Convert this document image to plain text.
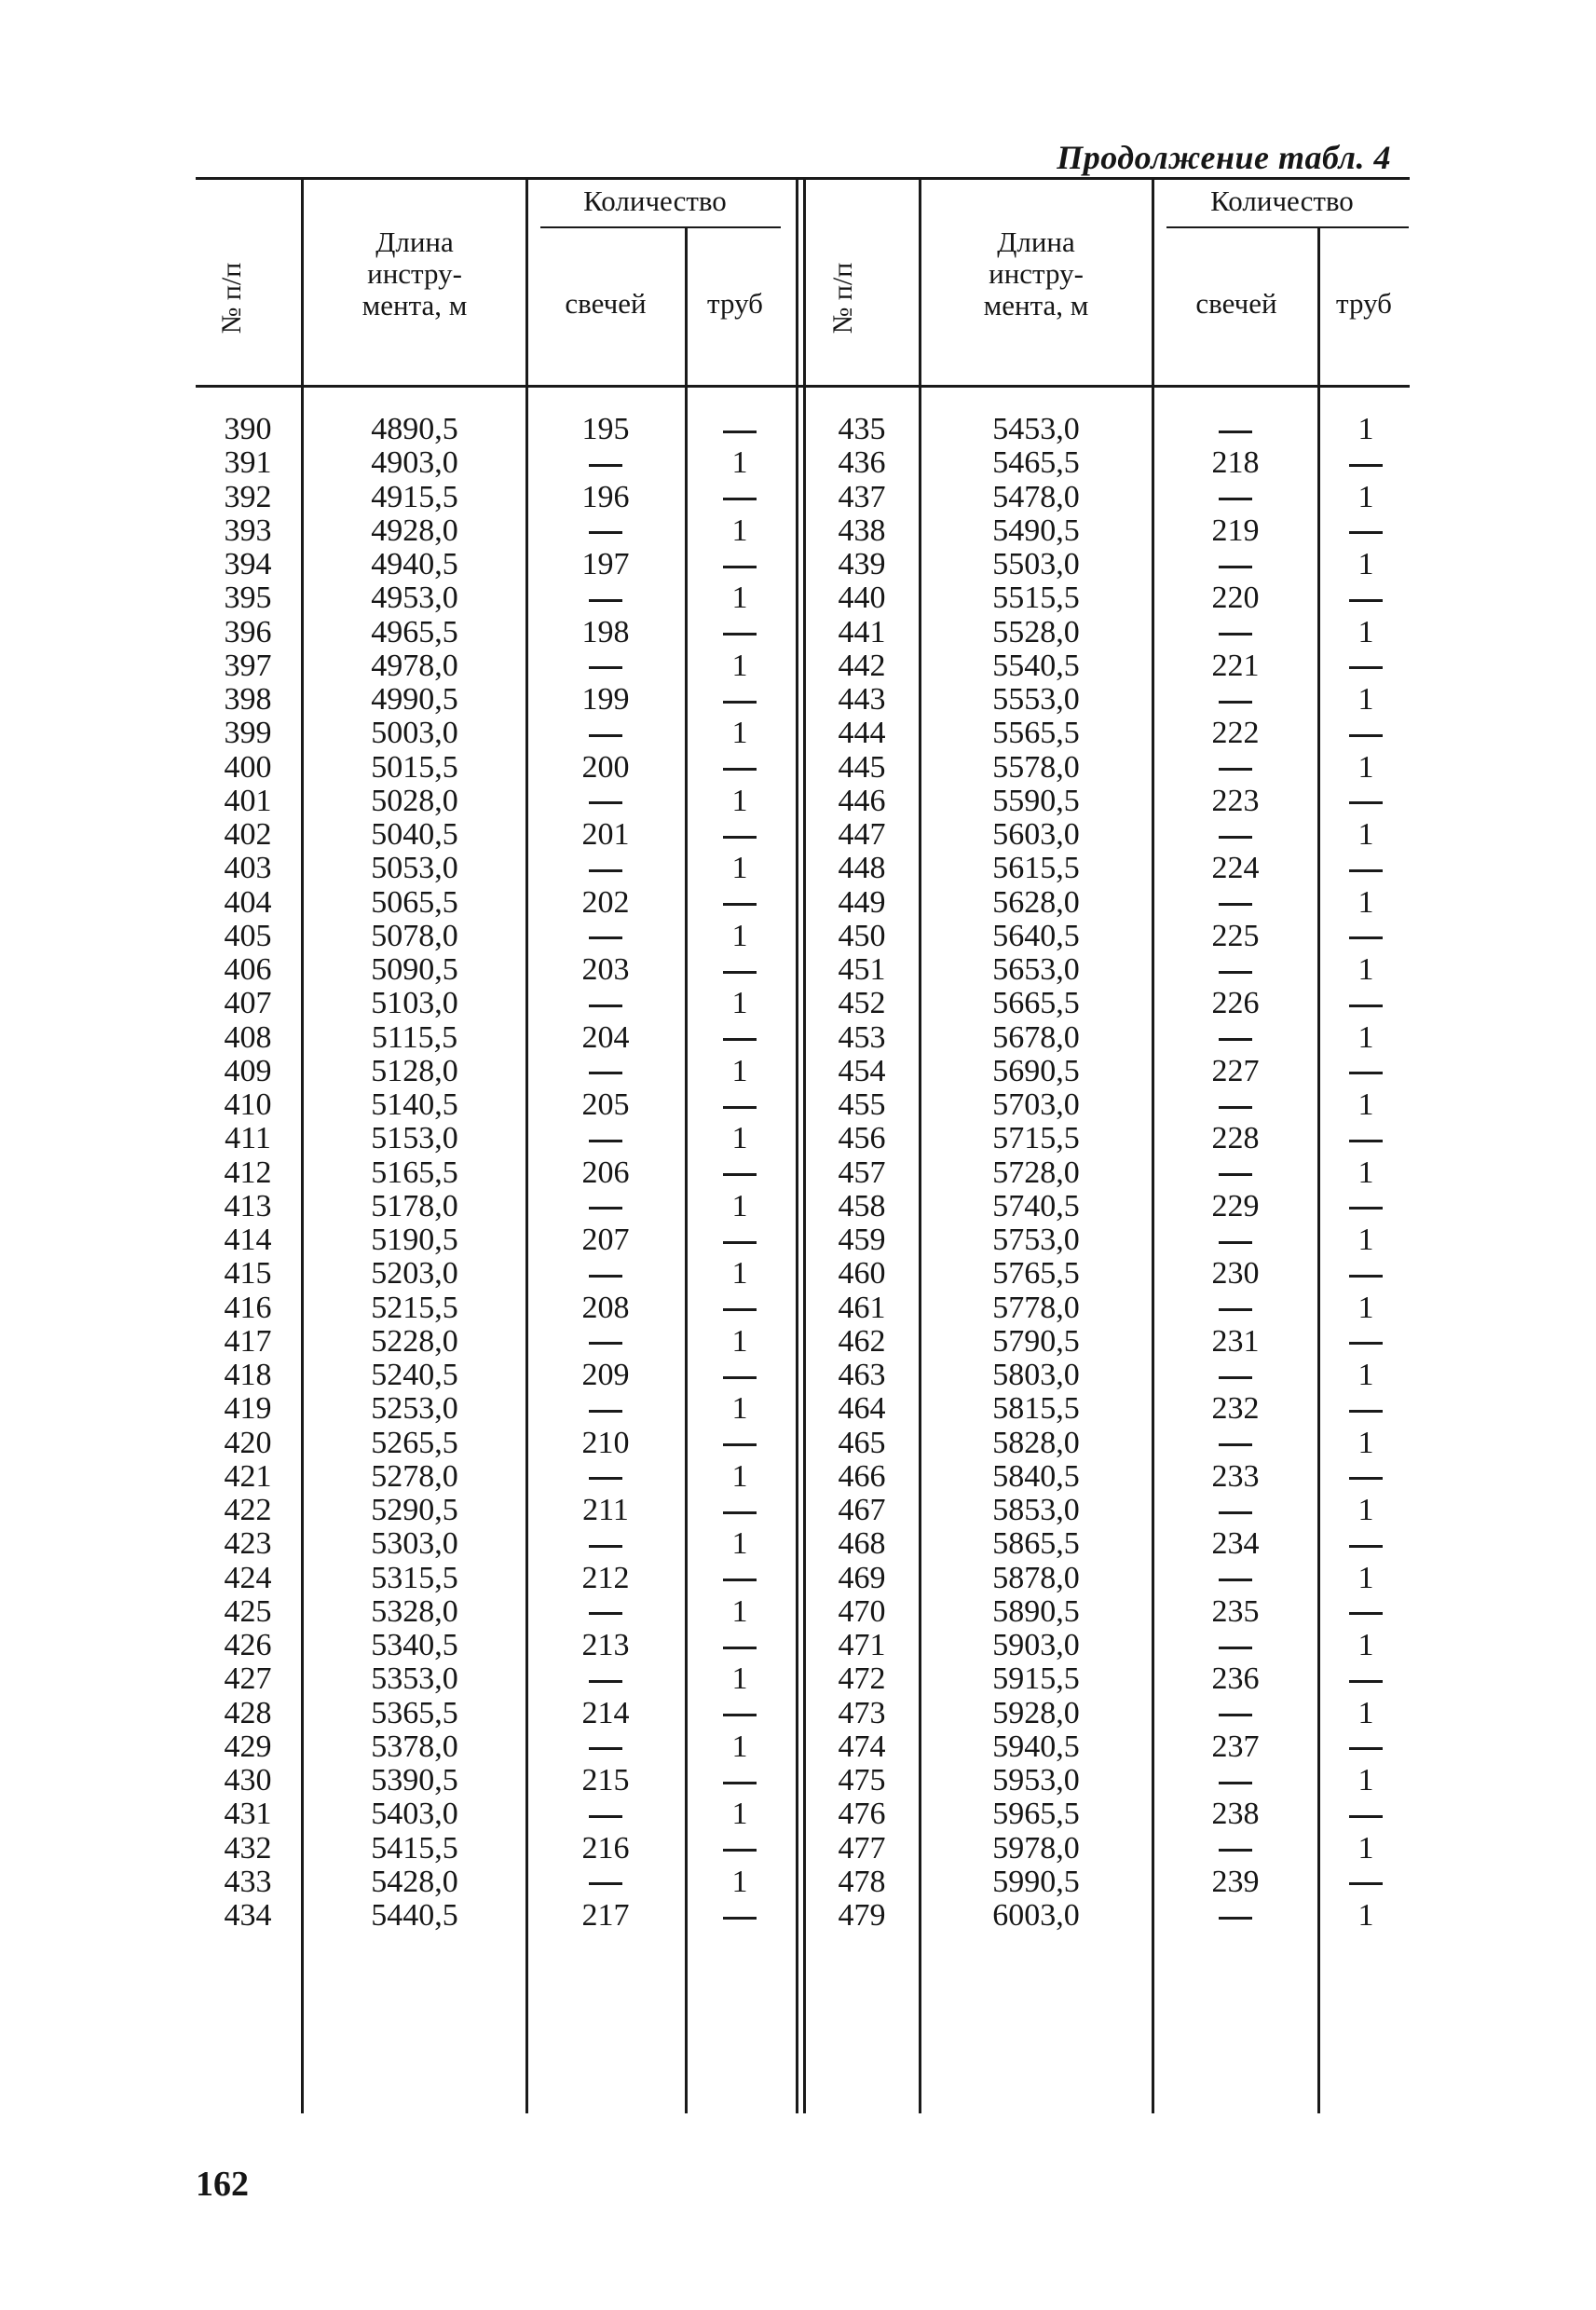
Продолжение табл. 4
№ п/п
Длина
инстру-
мента, м
Количество
свечей	труб
390
391
392
393
394
395
396
397
398
399
400
401
402
403
404
405
406
407
408
409
410
411
412
413
414
415
416
417
418
419
420
421
422
423
424
425
426
427
428
429
430
431
432
433
434
4890,5
4903,0
4915,5
4928,0
4940,5
4953,0
4965,5
4978,0
4990,5
5003,0
5015,5
5028,0
5040,5
5053,0
5065,5
5078,0
5090,5
5103,0
5115,5
5128,0
5140,5
5153,0
5165,5
5178,0
5190,5
5203,0
5215,5
5228,0
5240,5
5253,0
5265,5
5278,0
5290,5
5303,0
5315,5
5328,0
5340,5
5353,0
5365,5
5378,0
5390,5
5403,0
5415,5
5428,0
5440,5
195
196
197
198
199
200
201
202
203
204
205
206
207
208
209
210
211
212
213
214
215
216
217
1
1
1
1
1
1
1
1
1
1
1
1
1
1
1
1
1
1
1
1
1
1
№ п/п
Длина
инстру-
мента, м
Количество
свечей	труб
435
436
437
438
439
440
441
442
443
444
445
446
447
448
449
450
451
452
453
454
455
456
457
458
459
460
461
462
463
464
465
466
467
468
469
470
471
472
473
474
475
476
477
478
479
5453,0
5465,5
5478,0
5490,5
5503,0
5515,5
5528,0
5540,5
5553,0
5565,5
5578,0
5590,5
5603,0
5615,5
5628,0
5640,5
5653,0
5665,5
5678,0
5690,5
5703,0
5715,5
5728,0
5740,5
5753,0
5765,5
5778,0
5790,5
5803,0
5815,5
5828,0
5840,5
5853,0
5865,5
5878,0
5890,5
5903,0
5915,5
5928,0
5940,5
5953,0
5965,5
5978,0
5990,5
6003,0
218
219
220
221
222
223
224
225
226
227
228
229
230
231
232
233
234
235
236
237
238
239
1
1
1
1
1
1
1
1
1
1
1
1
1
1
1
1
1
1
1
1
1
1
1
162
